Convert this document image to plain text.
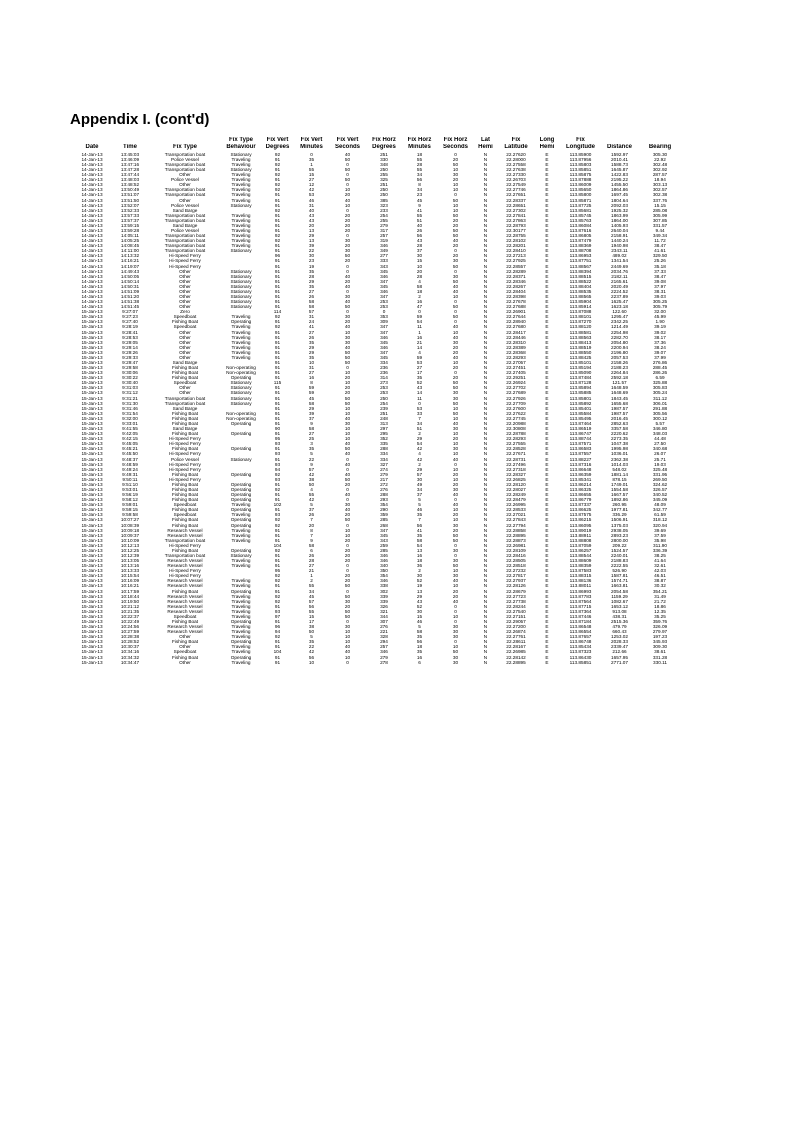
Appendix I. (cont'd)
			Fix Type	Fix Vert	Fix Vert	Fix Vert	Fix Horz	Fix Horz	Fix Horz	Lat	Fix	Long	Fix		
Date	Time	Fix Type	Behaviour	Degrees	Minutes	Seconds	Degrees	Minutes	Seconds	Hemi	Latitude	Hemi	Longitude	Distance	Bearing
14-Jan-13	13:45:03	Transportation boat	Stationary	92	0	40	251	18	0	N	22.27620	E	113.85900	1592.97	305.30
14-Jan-13	13:46:09	Police Vessel	Traveling	91	35	50	330	55	20	N	22.28000	E	113.87956	2010.41	22.92
14-Jan-13	13:47:16	Transportation boat	Traveling	92	1	0	348	28	50	N	22.27558	E	113.85803	1588.73	302.48
14-Jan-13	13:47:28	Transportation boat	Stationary	91	55	50	250	55	10	N	22.27638	E	113.85851	1645.87	302.92
14-Jan-13	13:47:44	Other	Traveling	92	15	0	255	34	30	N	22.27330	E	113.85875	1422.83	287.57
14-Jan-13	13:48:03	Police Vessel	Traveling	91	27	50	325	56	20	N	22.26703	E	113.87888	2195.22	18.94
14-Jan-13	13:48:52	Other	Traveling	92	12	0	251	8	10	N	22.27549	E	113.86009	1455.50	303.13
14-Jan-13	13:50:49	Transportation boat	Traveling	92	42	10	250	34	10	N	22.27746	E	113.85650	1864.86	302.57
14-Jan-13	13:51:07	Transportation boat	Traveling	91	53	20	250	23	0	N	22.27651	E	113.85800	1697.45	302.38
14-Jan-13	13:51:50	Other	Traveling	91	46	40	385	45	50	N	22.28337	E	113.85871	1804.64	337.76
14-Jan-13	13:52:07	Police Vessel	Stationary	91	31	10	323	9	10	N	22.28651	E	113.87725	2092.03	15.15
14-Jan-13	13:52:33	Sand Barge		92	40	0	233	41	10	N	22.27302	E	113.85681	1925.32	285.08
14-Jan-13	13:57:33	Transportation boat	Traveling	91	43	20	254	55	50	N	22.27841	E	113.85745	1863.99	305.99
14-Jan-13	13:57:37	Transportation boat	Traveling	91	43	20	255	51	20	N	22.27863	E	113.85763	1864.00	307.85
14-Jan-13	13:59:15	Sand Barge	Traveling	91	20	20	279	40	20	N	22.28793	E	113.86084	1405.93	331.57
14-Jan-13	13:59:28	Police Vessel	Traveling	91	13	20	317	26	50	N	22.30177	E	113.87616	2640.04	9.44
14-Jan-13	14:05:11	Transportation boat	Traveling	92	29	0	257	56	50	N	22.28755	E	113.86805	2158.91	349.34
14-Jan-13	14:05:25	Transportation boat	Traveling	92	13	30	319	43	40	N	22.28102	E	113.87479	1440.24	11.72
14-Jan-13	14:08:45	Transportation boat	Traveling	91	39	20	346	28	20	N	22.28201	E	113.88369	1940.98	38.47
14-Jan-13	14:11:00	Transportation boat	Stationary	91	22	30	349	37	0	N	22.28410	E	113.88708	2343.11	41.61
14-Jan-13	14:13:32	Hi-Speed Ferry		96	30	50	277	30	20	N	22.27213	E	113.86953	489.02	329.50
14-Jan-13	14:16:21	Hi-Speed Ferry		91	23	20	333	15	30	N	22.27925	E	113.87751	1341.54	25.26
14-Jan-13	14:19:07	Hi-Speed Ferry		91	19	0	343	10	50	N	22.28557	E	113.88567	2449.69	35.18
14-Jan-13	14:49:43	Other	Stationary	91	35	0	345	20	0	N	22.28289	E	113.88394	2034.76	37.33
14-Jan-13	14:50:05	Other	Stationary	91	28	40	346	28	30	N	22.28371	E	113.88515	2182.11	38.47
14-Jan-13	14:50:14	Other	Stationary	91	29	20	347	4	50	N	22.28346	E	113.88522	2165.61	39.08
14-Jan-13	14:50:31	Other	Stationary	91	35	40	345	58	40	N	22.28267	E	113.88404	2020.49	37.97
14-Jan-13	14:51:09	Other	Stationary	91	27	0	346	18	40	N	22.28404	E	113.88535	2224.52	38.31
14-Jan-13	14:51:20	Other	Stationary	91	26	30	347	2	10	N	22.28398	E	113.88565	2237.89	39.03
14-Jan-13	14:51:38	Other	Stationary	91	58	40	253	16	0	N	22.27678	E	113.85904	1625.47	305.25
14-Jan-13	14:51:45	Other	Stationary	91	58	50	253	47	50	N	22.27688	E	113.85914	1623.18	305.79
15-Jan-13	9:27:07	Zero		114	57	0	0	0	0	N	22.26901	E	113.87088	122.60	32.00
15-Jan-13	9:27:23	Speedboat	Traveling	92	31	30	353	59	50	N	22.27644	E	113.88101	1295.47	45.99
15-Jan-13	9:27:40	Fishing Boat	Operating	91	24	20	309	54	0	N	22.28940	E	113.87270	2342.25	1.90
15-Jan-13	9:28:19	Speedboat	Traveling	92	41	40	347	11	40	N	22.27680	E	113.88120	1214.49	39.19
15-Jan-13	9:28:41	Other	Traveling	91	27	10	347	1	10	N	22.28417	E	113.88581	2254.98	39.02
15-Jan-13	9:28:53	Other	Traveling	91	26	30	346	16	40	N	22.28446	E	113.88563	2282.70	38.17
15-Jan-13	9:29:05	Other	Traveling	91	35	30	345	21	30	N	22.28310	E	113.88413	2054.80	37.36
15-Jan-13	9:29:14	Other	Traveling	91	29	40	346	14	20	N	22.28389	E	113.88519	2200.94	38.24
15-Jan-13	9:29:26	Other	Traveling	91	29	50	347	4	20	N	22.28368	E	113.88550	2196.80	39.07
15-Jan-13	9:29:33	Other	Traveling	91	35	50	345	59	40	N	22.28293	E	113.88425	2057.53	37.99
15-Jan-13	9:29:47	Sand Barge		91	10	50	334	53	10	N	22.27057	E	113.85101	2158.26	276.86
15-Jan-13	9:29:58	Fishing Boat	Non-operating	91	31	0	236	27	20	N	22.27451	E	113.85194	2188.23	288.45
15-Jan-13	9:30:06	Fishing Boat	Non-operating	91	27	10	236	17	0	N	22.27405	E	113.85090	2264.84	286.26
15-Jan-13	9:30:22	Fishing Boat	Operating	91	16	20	314	35	20	N	22.29251	E	113.87484	2592.18	6.59
15-Jan-13	9:30:40	Speedboat	Stationary	115	8	10	273	52	50	N	22.26924	E	113.87128	121.57	325.88
15-Jan-13	9:31:03	Other	Stationary	91	59	20	253	43	50	N	22.27702	E	113.85894	1648.59	305.83
15-Jan-13	9:31:12	Other	Stationary	91	59	20	253	14	30	N	22.27689	E	113.85885	1648.69	305.24
15-Jan-13	9:31:21	Transportation boat	Stationary	91	45	50	250	11	30	N	22.27926	E	113.85801	1843.45	311.12
15-Jan-13	9:31:30	Transportation boat	Stationary	91	58	50	254	0	50	N	22.27709	E	113.85892	1655.68	306.01
15-Jan-13	9:31:46	Sand Barge		91	29	10	239	53	10	N	22.27600	E	113.85401	1987.57	291.88
15-Jan-13	9:31:54	Fishing Boat	Non-operating	91	39	10	251	33	50	N	22.27622	E	113.85584	1987.57	305.56
15-Jan-13	9:32:00	Fishing Boat	Non-operating	91	37	40	248	7	10	N	22.27745	E	113.85495	2016.45	300.12
15-Jan-13	9:33:01	Fishing Boat	Operating	91	9	30	313	34	40	N	22.20988	E	113.87464	2852.63	5.57
15-Jan-13	9:41:55	Sand Barge		90	58	10	297	51	30	N	22.30808	E	113.86519	3357.58	346.80
15-Jan-13	9:42:05	Fishing Boat	Operating	91	27	10	295	2	10	N	22.28788	E	113.86747	2220.62	348.03
15-Jan-13	9:42:15	Hi-Speed Ferry		95	25	10	352	29	20	N	22.28293	E	113.88744	2273.35	44.48
15-Jan-13	9:45:05	Hi-Speed Ferry		93	3	40	335	54	10	N	22.27555	E	113.87571	1047.38	27.50
15-Jan-13	9:45:21	Fishing Boat	Operating	91	35	50	288	42	30	N	22.28528	E	113.86583	1995.98	340.68
15-Jan-13	9:45:50	Hi-Speed Ferry		93	5	40	334	4	10	N	22.27671	E	113.87557	1036.01	26.07
15-Jan-13	9:48:37	Police Vessel	Stationary	91	22	0	334	42	40	N	22.28731	E	113.88227	2362.38	25.71
15-Jan-13	9:48:59	Hi-Speed Ferry		93	9	40	327	2	0	N	22.27496	E	113.87316	1014.03	19.03
15-Jan-13	9:49:24	Hi-Speed Ferry		94	57	0	274	29	10	N	22.27318	E	113.86648	548.02	325.48
15-Jan-13	9:49:31	Fishing Boat	Operating	92	42	40	279	57	20	N	22.28327	E	113.86359	1881.14	331.95
15-Jan-13	9:50:11	Hi-Speed Ferry		93	38	50	217	30	10	N	22.26825	E	113.85341	878.15	269.50
15-Jan-13	9:51:10	Fishing Boat	Operating	91	50	20	272	49	20	N	22.28120	E	113.86214	1749.01	324.62
15-Jan-13	9:53:01	Fishing Boat	Operating	92	4	0	276	34	30	N	22.28027	E	113.86325	1554.58	326.57
15-Jan-13	9:56:19	Fishing Boat	Operating	91	55	40	288	37	40	N	22.28249	E	113.86655	1667.57	340.52
15-Jan-13	9:58:12	Fishing Boat	Operating	91	42	0	293	5	0	N	22.28479	E	113.86779	1892.86	345.09
15-Jan-13	9:59:01	Speedboat	Traveling	102	5	30	354	5	40	N	22.26995	E	113.87337	260.95	48.09
15-Jan-13	9:59:15	Fishing Boat	Operating	91	37	40	290	46	10	N	22.28533	E	113.86625	1977.81	342.77
15-Jan-13	9:59:58	Speedboat	Traveling	93	26	20	359	35	20	N	22.27021	E	113.87575	336.29	61.59
15-Jan-13	10:07:27	Fishing Boat	Operating	92	7	50	285	7	10	N	22.27843	E	113.86215	1506.91	318.12
15-Jan-13	10:08:39	Fishing Boat	Operating	92	20	0	268	56	30	N	22.27794	E	113.86095	1375.03	320.94
15-Jan-13	10:09:18	Research Vessel	Traveling	91	8	10	347	41	20	N	22.28858	E	113.89019	2938.05	39.69
15-Jan-13	10:09:37	Research Vessel	Traveling	91	7	10	345	35	50	N	22.28895	E	113.88911	2893.23	37.59
15-Jan-13	10:10:09	Transportation boat	Traveling	91	9	20	343	58	50	N	22.28873	E	113.88808	2800.00	35.98
15-Jan-13	10:12:13	Hi-Speed Ferry		104	58	0	259	54	0	N	22.26981	E	113.87059	209.22	311.90
15-Jan-13	10:12:25	Fishing Boat	Operating	92	6	20	285	13	30	N	22.28109	E	113.86257	1524.57	336.39
15-Jan-13	10:12:39	Transportation boat	Stationary	91	26	20	346	16	0	N	22.28416	E	113.88544	2240.01	38.25
15-Jan-13	10:13:05	Research Vessel	Traveling	91	28	20	346	18	30	N	22.28505	E	113.88609	2188.83	41.64
15-Jan-13	10:13:16	Research Vessel	Traveling	91	27	0	340	36	50	N	22.28518	E	113.88359	2222.55	32.61
15-Jan-13	10:13:33	Hi-Speed Ferry		95	21	0	350	2	10	N	22.27232	E	113.87583	526.90	42.03
15-Jan-13	10:15:54	Hi-Speed Ferry		92	1	20	354	30	30	N	22.27817	E	113.88315	1587.81	46.51
15-Jan-13	10:16:09	Research Vessel	Traveling	92	2	20	346	52	40	N	22.27937	E	113.88136	1574.71	38.87
15-Jan-13	10:16:21	Research Vessel	Traveling	91	55	50	338	19	10	N	22.28126	E	113.88011	1663.81	30.32
15-Jan-13	10:17:59	Fishing Boat	Operating	91	34	0	302	13	20	N	22.28679	E	113.86993	2054.58	354.21
15-Jan-13	10:18:44	Research Vessel	Traveling	92	45	50	339	29	20	N	22.27723	E	113.87783	1159.29	31.49
15-Jan-13	10:19:50	Research Vessel	Traveling	92	57	30	339	43	40	N	22.27738	E	113.87564	1082.67	21.72
15-Jan-13	10:21:12	Research Vessel	Traveling	91	56	20	326	52	0	N	22.28244	E	113.87715	1653.12	18.86
15-Jan-13	10:21:35	Research Vessel	Traveling	93	55	50	321	30	0	N	22.27540	E	113.87364	913.08	12.35
15-Jan-13	10:22:37	Speedboat	Traveling	97	15	50	344	15	10	N	22.27151	E	113.87446	438.31	35.25
15-Jan-13	10:22:49	Fishing Boat	Operating	91	17	0	307	46	0	N	22.29057	E	113.87184	2515.36	359.76
15-Jan-13	10:24:56	Research Vessel	Traveling	96	38	30	276	5	30	N	22.27200	E	113.86548	479.79	326.09
15-Jan-13	10:27:59	Research Vessel	Traveling	94	50	10	221	58	30	N	22.26874	E	113.86554	660.43	279.97
15-Jan-13	10:28:38	Other	Traveling	92	5	10	328	35	30	N	22.27761	E	113.87657	1253.02	197.23
15-Jan-13	10:28:52	Fishing Boat	Operating	91	35	10	294	56	0	N	22.28611	E	113.86748	2028.33	345.93
15-Jan-13	10:30:37	Other	Traveling	91	22	40	257	18	10	N	22.28167	E	113.85434	2339.47	309.30
15-Jan-13	10:34:16	Speedboat	Traveling	104	42	40	346	35	50	N	22.26985	E	113.87323	212.66	38.61
15-Jan-13	10:34:32	Fishing Boat	Operating	91	56	10	279	16	30	N	22.28142	E	113.86430	1657.95	331.28
15-Jan-13	10:34:47	Other	Traveling	91	10	0	278	6	30	N	22.28895	E	113.85851	2771.07	330.11
